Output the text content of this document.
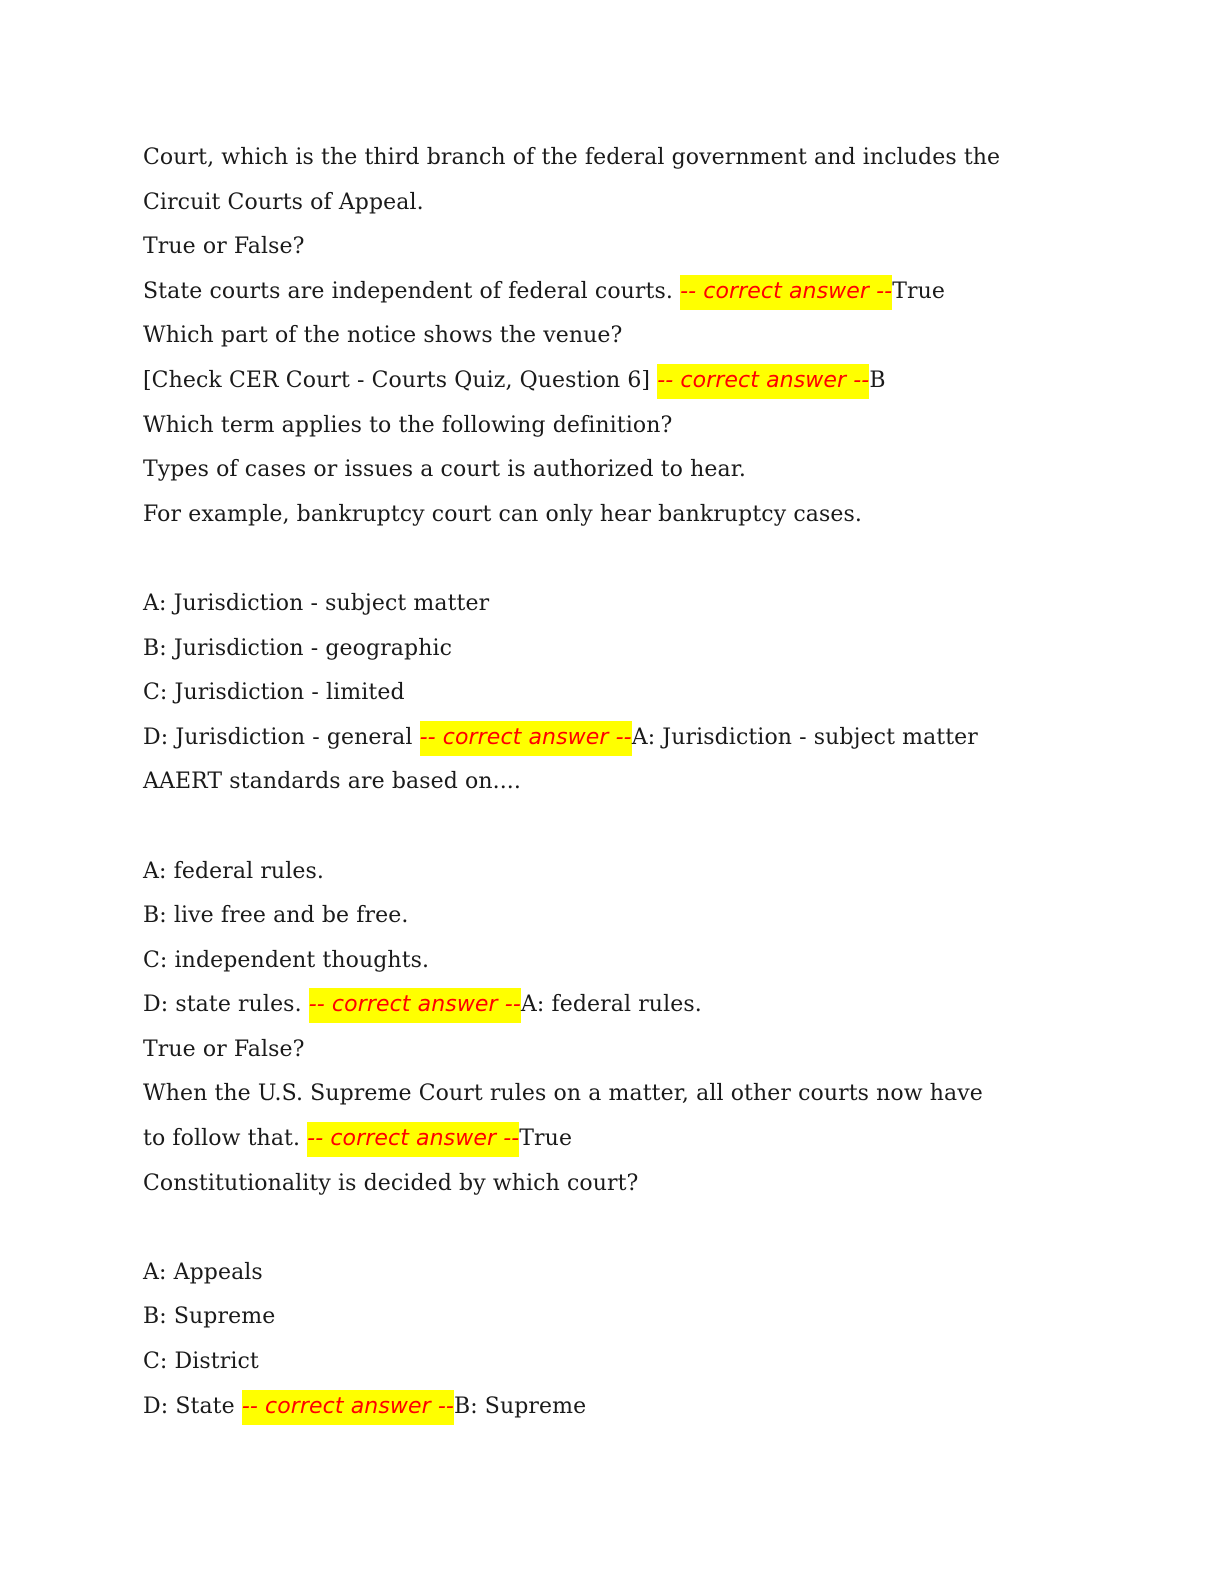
Court, which is the third branch of the federal government and includes the
Circuit Courts of Appeal.
True or False?
State courts are independent of federal courts. -- correct answer --True
Which part of the notice shows the venue?
[Check CER Court - Courts Quiz, Question 6] -- correct answer --B
Which term applies to the following definition?
Types of cases or issues a court is authorized to hear.
For example, bankruptcy court can only hear bankruptcy cases.
A: Jurisdiction - subject matter
B: Jurisdiction - geographic
C: Jurisdiction - limited
D: Jurisdiction - general -- correct answer --A: Jurisdiction - subject matter
AAERT standards are based on....
A: federal rules.
B: live free and be free.
C: independent thoughts.
D: state rules. -- correct answer --A: federal rules.
True or False?
When the U.S. Supreme Court rules on a matter, all other courts now have
to follow that. -- correct answer --True
Constitutionality is decided by which court?
A: Appeals
B: Supreme
C: District
D: State -- correct answer --B: Supreme
